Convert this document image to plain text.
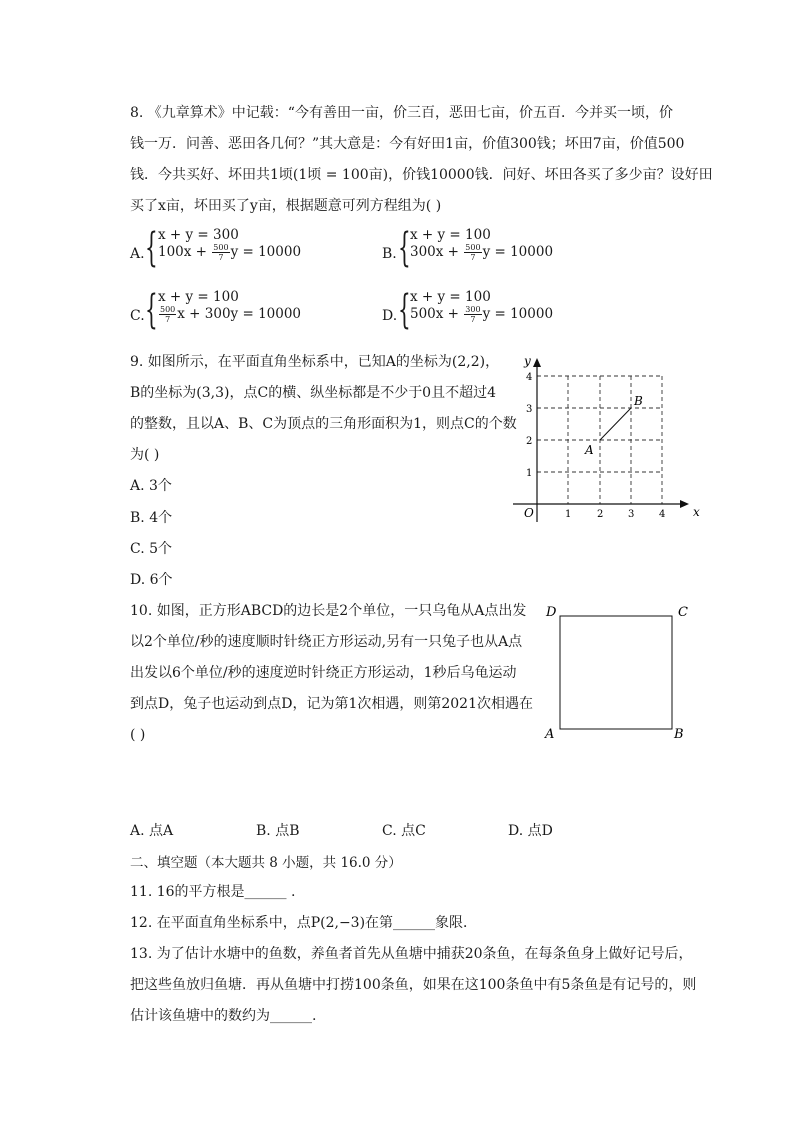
8. 《九章算术》中记载：“今有善田一亩，价三百，恶田七亩，价五百．今并买一顷，价
钱一万．问善、恶田各几何？”其大意是：今有好田1亩，价值300钱；坏田7亩，价值500
钱．今共买好、坏田共1顷(1顷 = 100亩)，价钱10000钱．问好、坏田各买了多少亩？设好田
买了x亩，坏田买了y亩，根据题意可列方程组为( )
A. { x + y = 300
$100x + \frac{500}{7}$ y = 10000	B. { x + y = 100
$300x + \frac{500}{7}$ y = 10000
C. { x + y = 100
$\frac{500}{7}$ x + 300y = 10000	D. { x + y = 100
$500x + \frac{300}{7}$ y = 10000
9. 如图所示，在平面直角坐标系中，已知A的坐标为(2,2)，
B的坐标为(3,3)，点C的横、纵坐标都是不少于0且不超过4
的整数，且以A、B、C为顶点的三角形面积为1，则点C的个数
为( )
A. 3个
B. 4个
C. 5个
D. 6个
x
y
O	1	2 3 4
1
2
3
4
A
B
10. 如图，正方形ABCD的边长是2个单位，一只乌龟从A点出发
以2个单位/秒的速度顺时针绕正方形运动,另有一只兔子也从A点
出发以6个单位/秒的速度逆时针绕正方形运动，1秒后乌龟运动
到点D，兔子也运动到点D，记为第1次相遇，则第2021次相遇在
( )
D	C
A	B
A. 点A	B. 点B	C. 点C	D. 点D
二、填空题（本大题共 8 小题，共 16.0 分）
11. 16的平方根是______ .
12. 在平面直角坐标系中，点P(2,−3)在第______象限．
13. 为了估计水塘中的鱼数，养鱼者首先从鱼塘中捕获20条鱼，在每条鱼身上做好记号后，
把这些鱼放归鱼塘．再从鱼塘中打捞100条鱼，如果在这100条鱼中有5条鱼是有记号的，则
估计该鱼塘中的数约为______.
